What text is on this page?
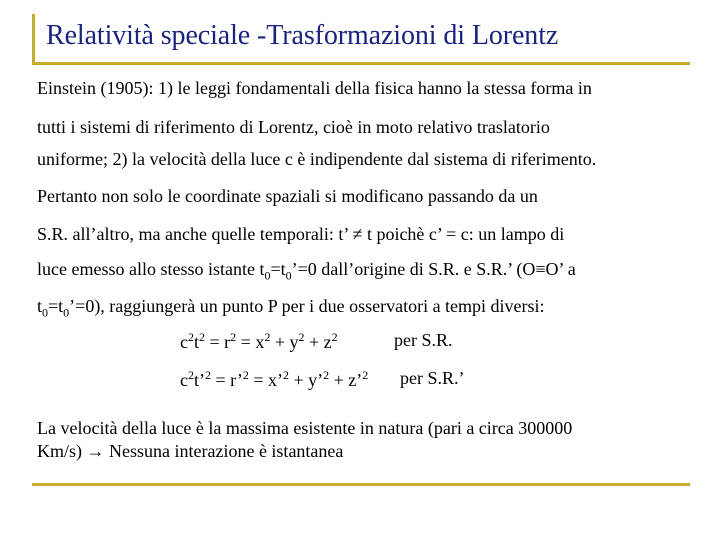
Relatività speciale -Trasformazioni di Lorentz
Einstein (1905): 1) le leggi fondamentali della fisica hanno la stessa forma in
tutti i sistemi di riferimento di Lorentz, cioè in moto relativo traslatorio
uniforme; 2) la velocità della luce c è indipendente dal sistema di riferimento.
Pertanto non solo le coordinate spaziali si modificano passando da un
S.R. all’altro, ma anche quelle temporali: t’ ≠ t poichè c’ = c: un lampo di
luce emesso allo stesso istante $t_0=t_0’=0$ dall’origine di S.R. e S.R.’ (O≡O’ a
$t_0=t_0’=0$), raggiungerà un punto P per i due osservatori a tempi diversi:
$c^2t^2 = r^2 = x^2 + y^2 + z^2$	per S.R.
$c^2t’^2$ = r’$^2$ = x’$^2$ + y’$^2$ + z’$^2$ per S.R.’
La velocità della luce è la massima esistente in natura (pari a circa 300000
Km/s) → Nessuna interazione è istantanea
